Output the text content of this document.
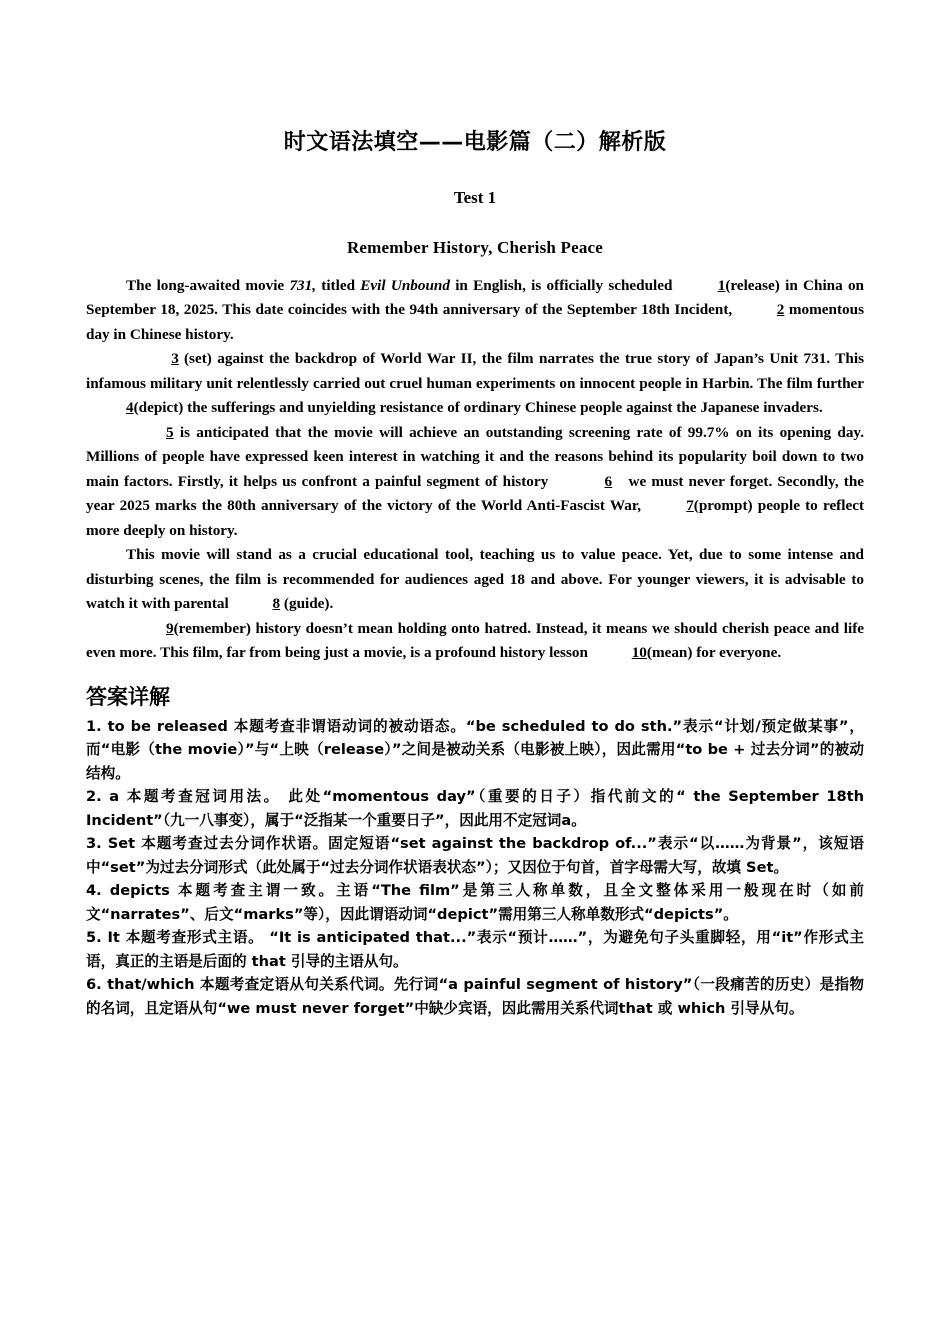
时文语法填空——电影篇（二）解析版
Test 1
Remember History, Cherish Peace

The long-awaited movie 731, titled Evil Unbound in English, is officially scheduled	1(release) in China on September 18, 2025. This date coincides with the 94th anniversary of the September 18th Incident,	2 momentous day in Chinese history.

3 (set) against the backdrop of World War II, the film narrates the true story of Japan’s Unit 731. This infamous military unit relentlessly carried out cruel human experiments on innocent people in Harbin. The film further 4(depict) the sufferings and unyielding resistance of ordinary Chinese people against the Japanese invaders.

5 is anticipated that the movie will achieve an outstanding screening rate of 99.7% on its opening day. Millions of people have expressed keen interest in watching it and the reasons behind its popularity boil down to two main factors. Firstly, it helps us confront a painful segment of history	6 we must never forget. Secondly, the year 2025 marks the 80th anniversary of the victory of the World Anti-Fascist War,	7(prompt) people to reflect more deeply on history.

This movie will stand as a crucial educational tool, teaching us to value peace. Yet, due to some intense and disturbing scenes, the film is recommended for audiences aged 18 and above. For younger viewers, it is advisable to watch it with parental	8 (guide).

9(remember) history doesn’t mean holding onto hatred. Instead, it means we should cherish peace and life even more. This film, far from being just a movie, is a profound history lesson	10(mean) for everyone.

答案详解

1. to be released 本题考查非谓语动词的被动语态。“be scheduled to do sth.”表示“计划/预定做某事”，而“电影（the movie）”与“上映（release）”之间是被动关系（电影被上映），因此需用“to be + 过去分词”的被动结构。

2. a 本题考查冠词用法。 此处“momentous day”（重要的日子）指代前文的“ the September 18th Incident”（九一八事变），属于“泛指某一个重要日子”，因此用不定冠词a。

3. Set 本题考查过去分词作状语。固定短语“set against the backdrop of...”表示“以……为背景”，该短语中“set”为过去分词形式（此处属于“过去分词作状语表状态”）；又因位于句首，首字母需大写，故填 Set。

4. depicts 本题考查主谓一致。主语“The film”是第三人称单数，且全文整体采用一般现在时（如前文“narrates”、后文“marks”等），因此谓语动词“depict”需用第三人称单数形式“depicts”。

5. It 本题考查形式主语。 “It is anticipated that...”表示“预计……”，为避免句子头重脚轻，用“it”作形式主语，真正的主语是后面的 that 引导的主语从句。

6. that/which 本题考查定语从句关系代词。先行词“a painful segment of history”（一段痛苦的历史）是指物的名词，且定语从句“we must never forget”中缺少宾语，因此需用关系代词that 或 which 引导从句。
